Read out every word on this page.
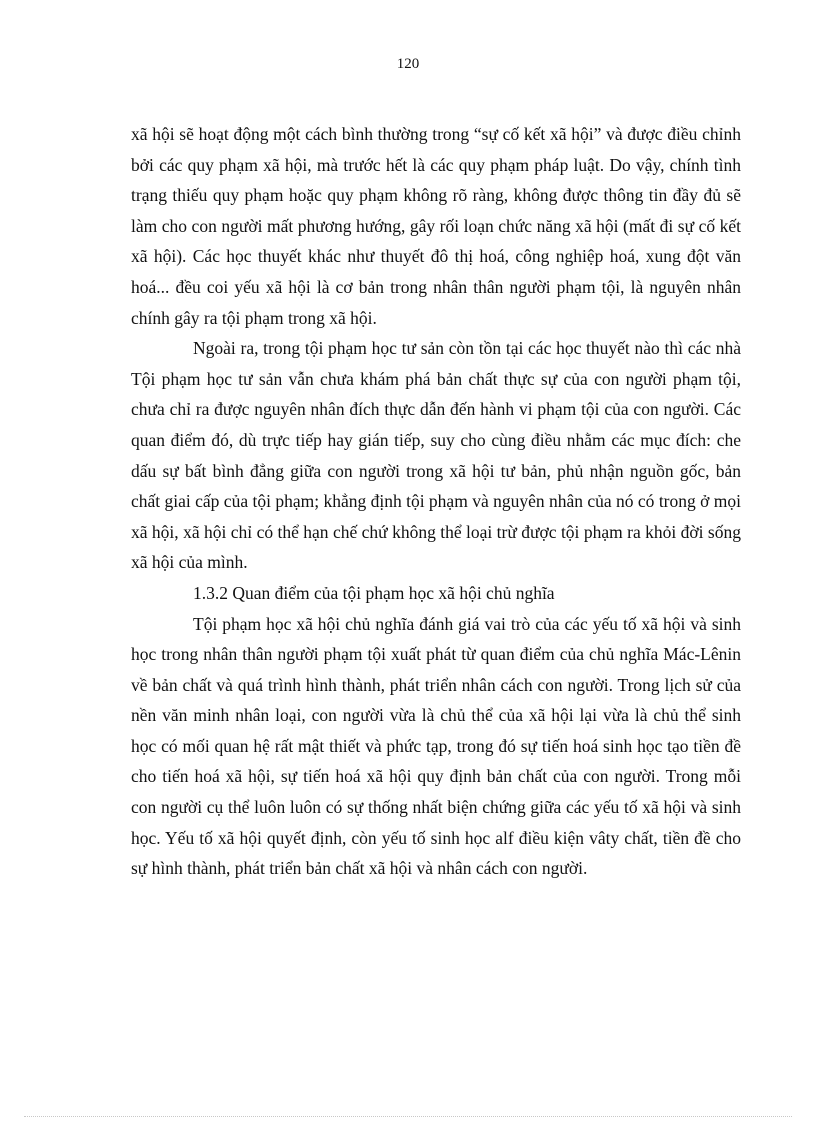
120

xã hội sẽ hoạt động một cách bình thường trong “sự cố kết xã hội” và được điều chỉnh bởi các quy phạm xã hội, mà trước hết là các quy phạm pháp luật. Do vậy, chính tình trạng thiếu quy phạm hoặc quy phạm không rõ ràng, không được thông tin đầy đủ sẽ làm cho con người mất phương hướng, gây rối loạn chức năng xã hội (mất đi sự cố kết xã hội). Các học thuyết khác như thuyết đô thị hoá, công nghiệp hoá, xung đột văn hoá... đều coi yếu xã hội là cơ bản trong nhân thân người phạm tội, là nguyên nhân chính gây ra tội phạm trong xã hội.

Ngoài ra, trong tội phạm học tư sản còn tồn tại các học thuyết nào thì các nhà Tội phạm học tư sản vẫn chưa khám phá bản chất thực sự của con người phạm tội, chưa chỉ ra được nguyên nhân đích thực dẫn đến hành vi phạm tội của con người. Các quan điểm đó, dù trực tiếp hay gián tiếp, suy cho cùng điều nhằm các mục đích: che dấu sự bất bình đẳng giữa con người trong xã hội tư bản, phủ nhận nguồn gốc, bản chất giai cấp của tội phạm; khẳng định tội phạm và nguyên nhân của nó có trong ở mọi xã hội, xã hội chỉ có thể hạn chế chứ không thể loại trừ được tội phạm ra khỏi đời sống xã hội của mình.

1.3.2 Quan điểm của tội phạm học xã hội chủ nghĩa

Tội phạm học xã hội chủ nghĩa đánh giá vai trò của các yếu tố xã hội và sinh học trong nhân thân người phạm tội xuất phát từ quan điểm của chủ nghĩa Mác-Lênin về bản chất và quá trình hình thành, phát triển nhân cách con người. Trong lịch sử của nền văn minh nhân loại, con người vừa là chủ thể của xã hội lại vừa là chủ thể sinh học có mối quan hệ rất mật thiết và phức tạp, trong đó sự tiến hoá sinh học tạo tiền đề cho tiến hoá xã hội, sự tiến hoá xã hội quy định bản chất của con người. Trong mỗi con người cụ thể luôn luôn có sự thống nhất biện chứng giữa các yếu tố xã hội và sinh học. Yếu tố xã hội quyết định, còn yếu tố sinh học alf điều kiện vâty chất, tiền đề cho sự hình thành, phát triển bản chất xã hội và nhân cách con người.
